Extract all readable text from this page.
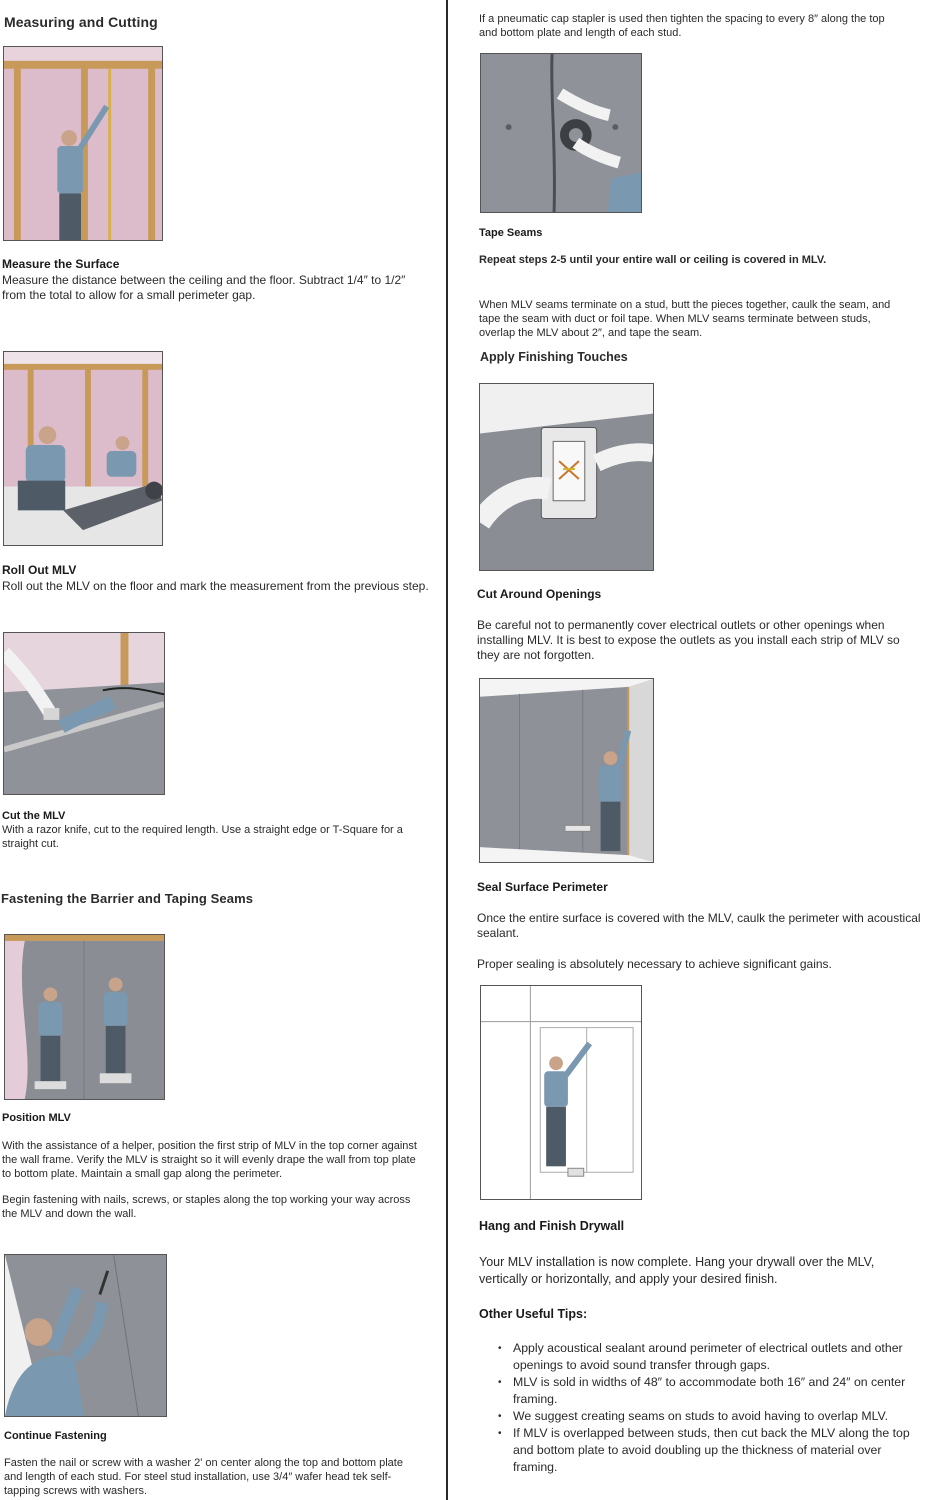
Measuring and Cutting
Measure the Surface

Measure the distance between the ceiling and the floor. Subtract 1/4″ to 1/2″ from the total to allow for a small perimeter gap.

Roll Out MLV

Roll out the MLV on the floor and mark the measurement from the previous step.

Cut the MLV

With a razor knife, cut to the required length. Use a straight edge or T-Square for a straight cut.

Fastening the Barrier and Taping Seams
Position MLV

With the assistance of a helper, position the first strip of MLV in the top corner against the wall frame. Verify the MLV is straight so it will evenly drape the wall from top plate to bottom plate. Maintain a small gap along the perimeter.

Begin fastening with nails, screws, or staples along the top working your way across the MLV and down the wall.

Continue Fastening

Fasten the nail or screw with a washer 2' on center along the top and bottom plate and length of each stud. For steel stud installation, use 3/4″ wafer head tek self-tapping screws with washers.

If a pneumatic cap stapler is used then tighten the spacing to every 8″ along the top and bottom plate and length of each stud.

Tape Seams

Repeat steps 2-5 until your entire wall or ceiling is covered in MLV.

When MLV seams terminate on a stud, butt the pieces together, caulk the seam, and tape the seam with duct or foil tape. When MLV seams terminate between studs, overlap the MLV about 2″, and tape the seam.

Apply Finishing Touches
Cut Around Openings

Be careful not to permanently cover electrical outlets or other openings when installing MLV. It is best to expose the outlets as you install each strip of MLV so they are not forgotten.

Seal Surface Perimeter

Once the entire surface is covered with the MLV, caulk the perimeter with acoustical sealant.

Proper sealing is absolutely necessary to achieve significant gains.

Hang and Finish Drywall

Your MLV installation is now complete. Hang your drywall over the MLV, vertically or horizontally, and apply your desired finish.

Other Useful Tips:
• Apply acoustical sealant around perimeter of electrical outlets and other openings to avoid sound transfer through gaps.
• MLV is sold in widths of 48″ to accommodate both 16″ and 24″ on center framing.
• We suggest creating seams on studs to avoid having to overlap MLV.
• If MLV is overlapped between studs, then cut back the MLV along the top and bottom plate to avoid doubling up the thickness of material over framing.
